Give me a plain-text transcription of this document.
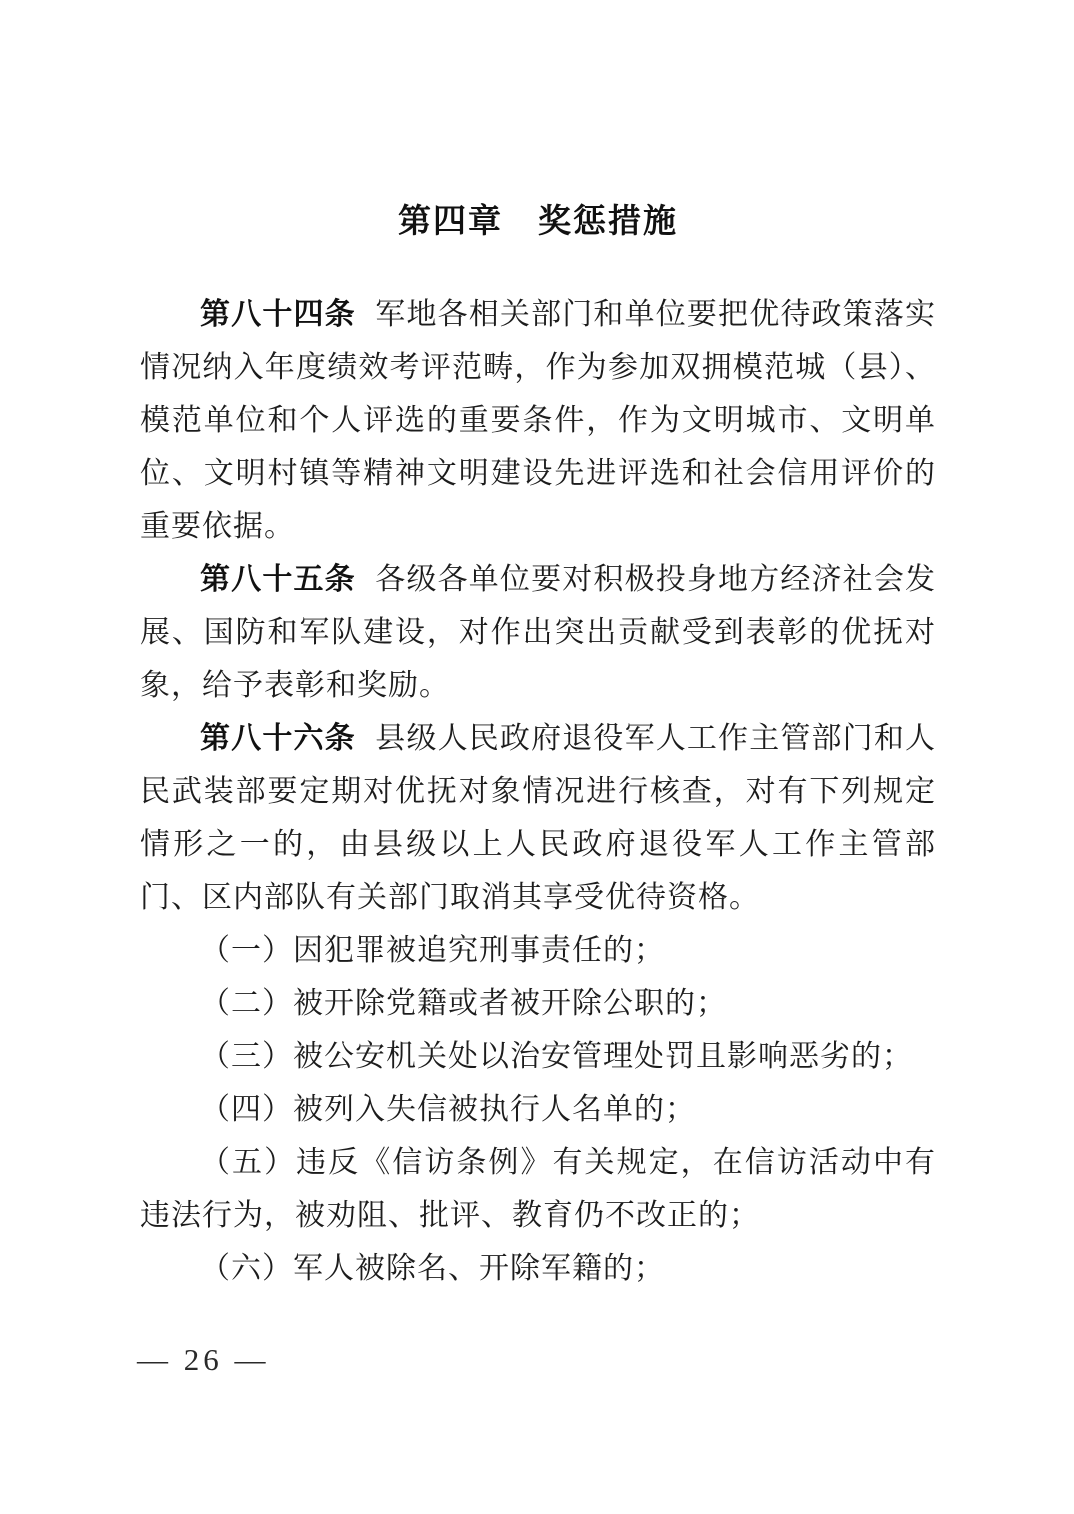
第四章　奖惩措施

第八十四条 军地各相关部门和单位要把优待政策落实情况纳入年度绩效考评范畴，作为参加双拥模范城（县）、模范单位和个人评选的重要条件，作为文明城市、文明单位、文明村镇等精神文明建设先进评选和社会信用评价的重要依据。

第八十五条 各级各单位要对积极投身地方经济社会发展、国防和军队建设，对作出突出贡献受到表彰的优抚对象，给予表彰和奖励。

第八十六条 县级人民政府退役军人工作主管部门和人民武装部要定期对优抚对象情况进行核查，对有下列规定情形之一的，由县级以上人民政府退役军人工作主管部门、区内部队有关部门取消其享受优待资格。

（一）因犯罪被追究刑事责任的；

（二）被开除党籍或者被开除公职的；

（三）被公安机关处以治安管理处罚且影响恶劣的；

（四）被列入失信被执行人名单的；

（五）违反《信访条例》有关规定，在信访活动中有违法行为，被劝阻、批评、教育仍不改正的；

（六）军人被除名、开除军籍的；

— 26 —
